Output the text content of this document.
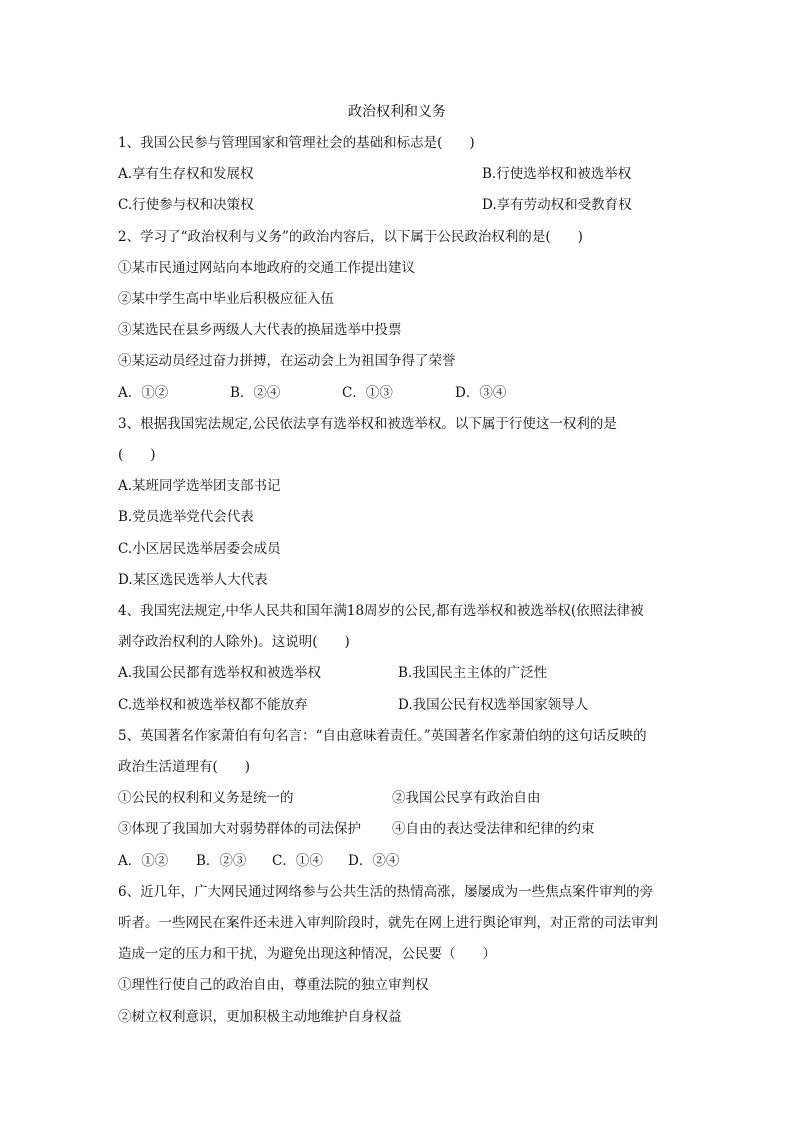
政治权利和义务
1、我国公民参与管理国家和管理社会的基础和标志是(　　)
A.享有生存权和发展权	B.行使选举权和被选举权
C.行使参与权和决策权	D.享有劳动权和受教育权
2、学习了“政治权利与义务”的政治内容后，以下属于公民政治权利的是(　　)
①某市民通过网站向本地政府的交通工作提出建议
②某中学生高中毕业后积极应征入伍
③某选民在县乡两级人大代表的换届选举中投票
④某运动员经过奋力拼搏，在运动会上为祖国争得了荣誉
A．①②	B．②④	C．①③	D．③④
3、根据我国宪法规定,公民依法享有选举权和被选举权。以下属于行使这一权利的是
(　　)
A.某班同学选举团支部书记
B.党员选举党代会代表
C.小区居民选举居委会成员
D.某区选民选举人大代表
4、我国宪法规定,中华人民共和国年满18周岁的公民,都有选举权和被选举权(依照法律被
剥夺政治权利的人除外)。这说明(　　)
A.我国公民都有选举权和被选举权	B.我国民主主体的广泛性
C.选举权和被选举权都不能放弃	D.我国公民有权选举国家领导人
5、英国著名作家萧伯有句名言：“自由意味着责任。”英国著名作家萧伯纳的这句话反映的
政治生活道理有(　　)
①公民的权利和义务是统一的	②我国公民享有政治自由
③体现了我国加大对弱势群体的司法保护 ④自由的表达受法律和纪律的约束
A．①② B．②③ C．①④ D．②④
6、近几年，广大网民通过网络参与公共生活的热情高涨，屡屡成为一些焦点案件审判的旁
听者。一些网民在案件还未进入审判阶段时，就先在网上进行舆论审判，对正常的司法审判
造成一定的压力和干扰，为避免出现这种情况，公民要（　　）
①理性行使自己的政治自由，尊重法院的独立审判权
②树立权利意识，更加积极主动地维护自身权益
